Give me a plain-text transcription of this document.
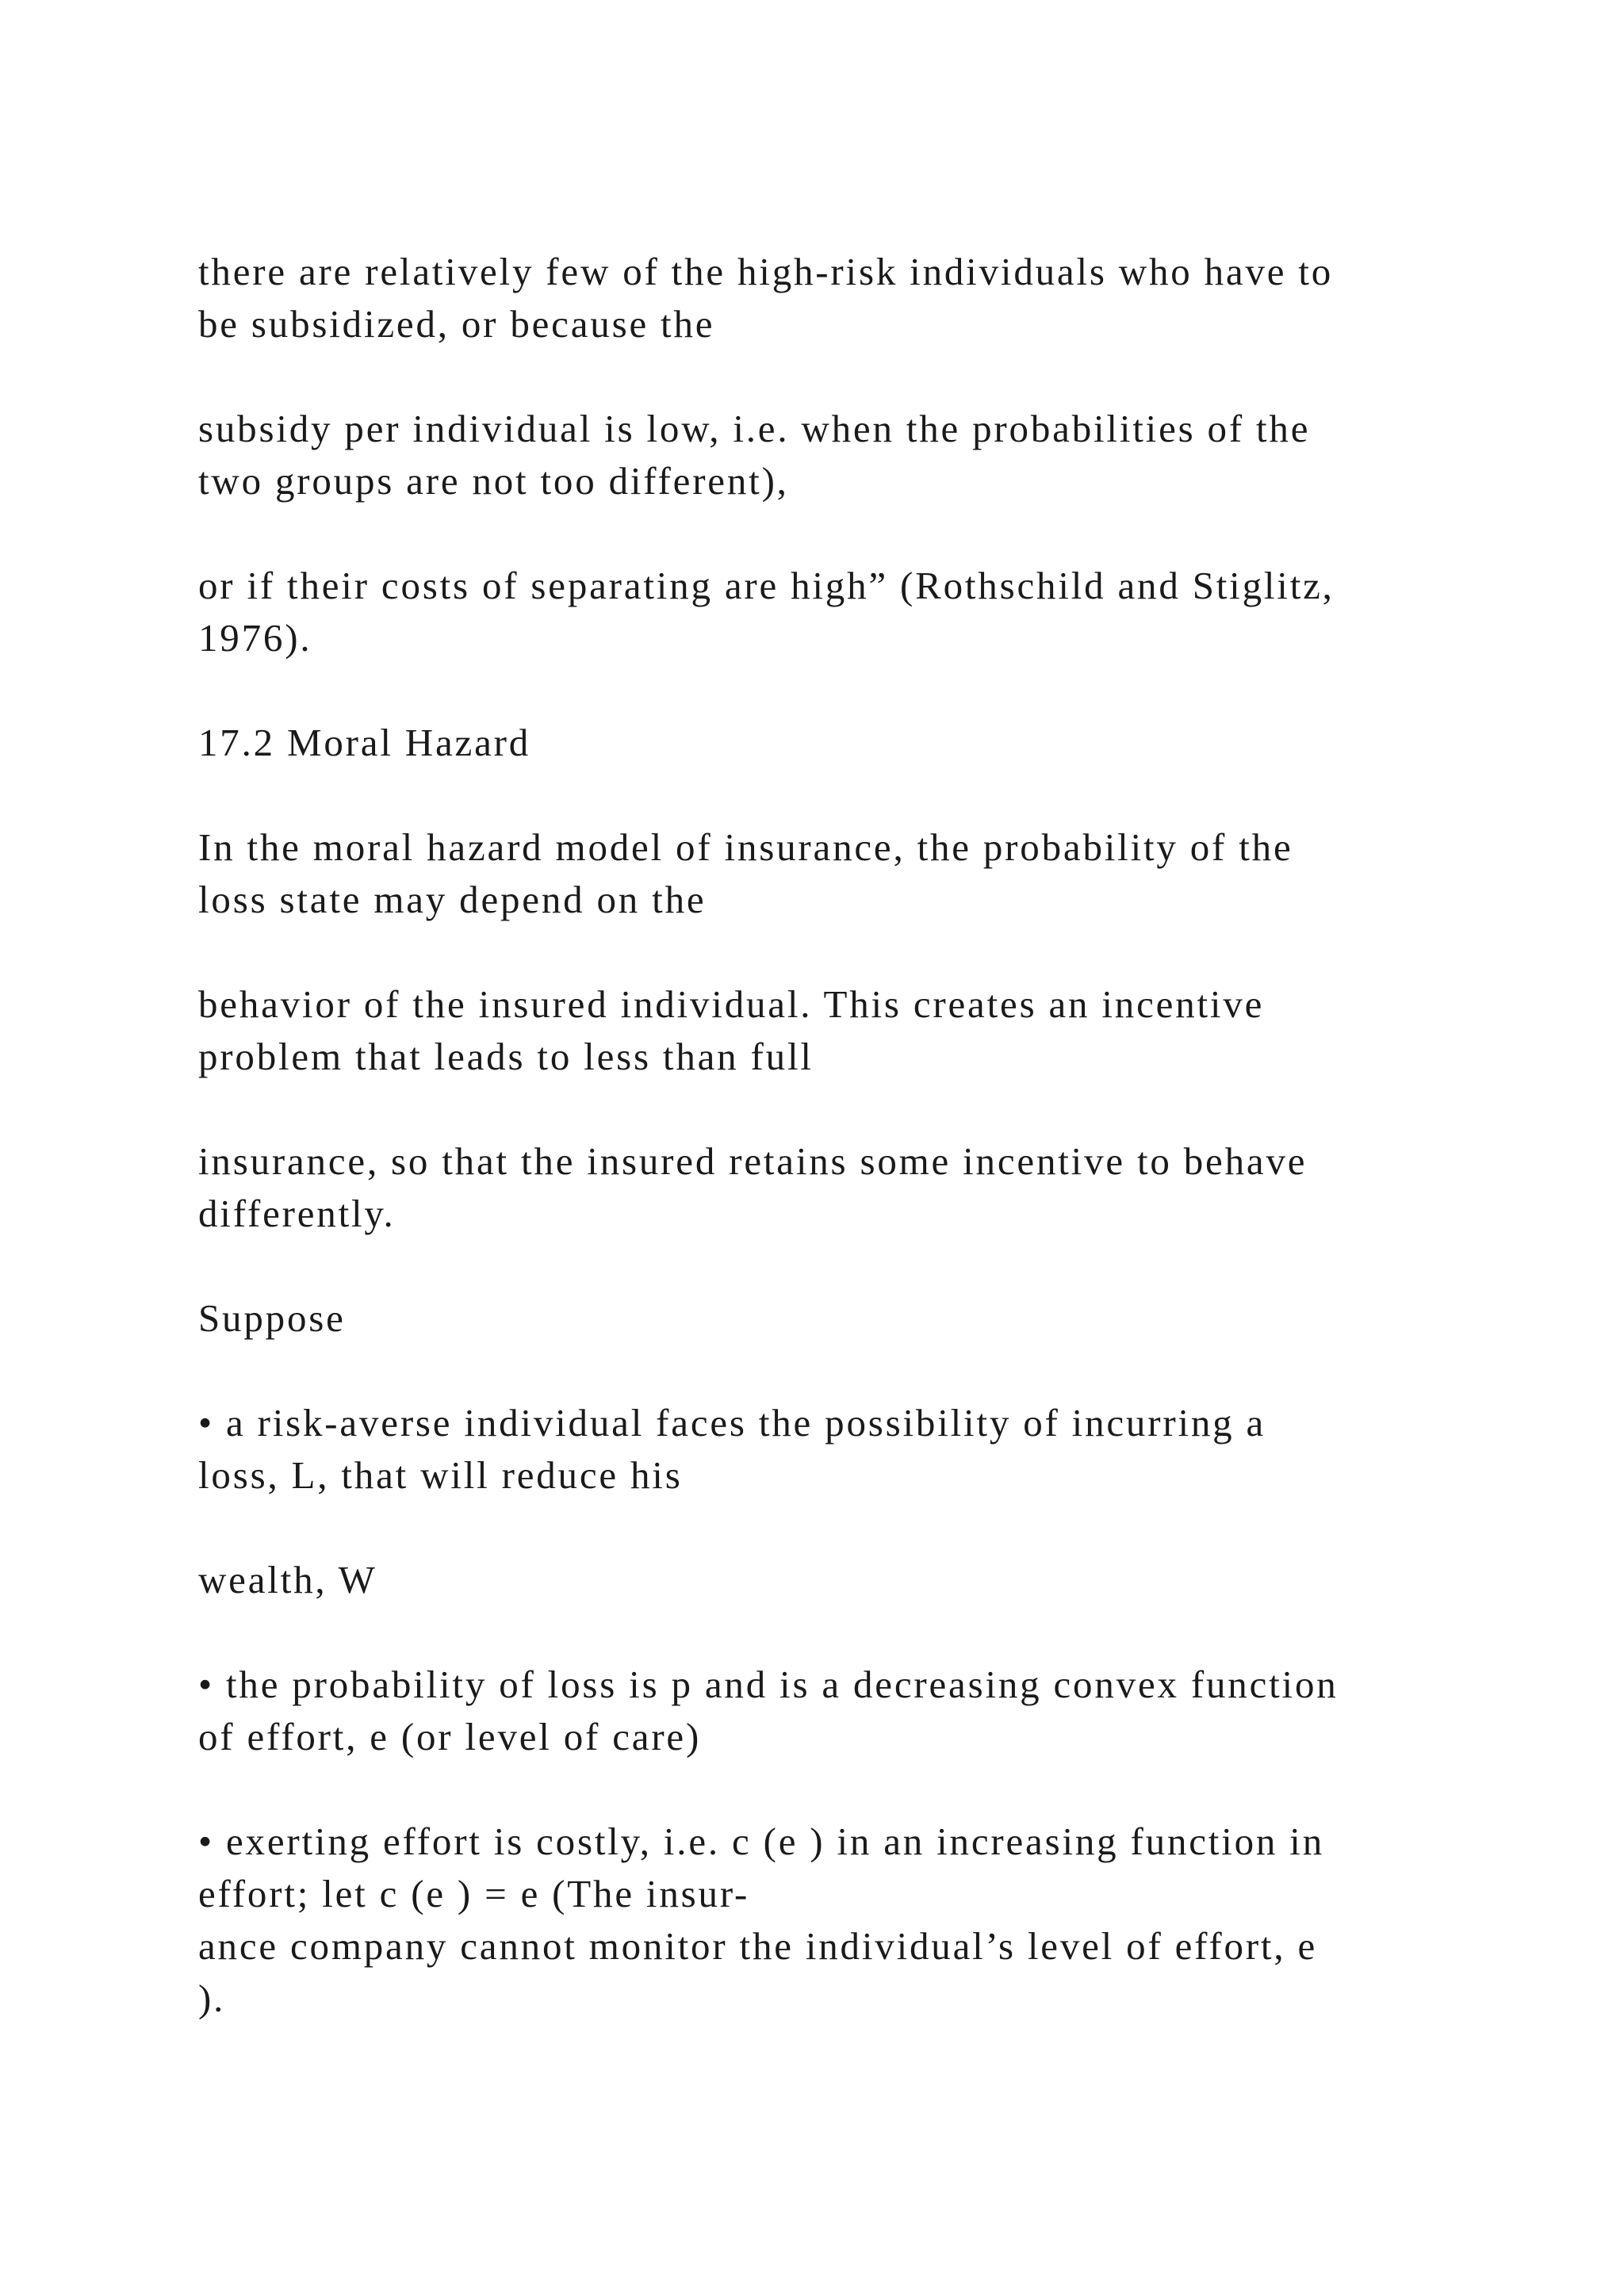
there are relatively few of the high-risk individuals who have to
be subsidized, or because the

subsidy per individual is low, i.e. when the probabilities of the
two groups are not too different),

or if their costs of separating are high” (Rothschild and Stiglitz,
1976).

17.2 Moral Hazard

In the moral hazard model of insurance, the probability of the
loss state may depend on the

behavior of the insured individual. This creates an incentive
problem that leads to less than full

insurance, so that the insured retains some incentive to behave
differently.

Suppose

• a risk-averse individual faces the possibility of incurring a
loss, L, that will reduce his

wealth, W

• the probability of loss is p and is a decreasing convex function
of effort, e (or level of care)

• exerting effort is costly, i.e. c (e ) in an increasing function in
effort; let c (e ) = e (The insur-
ance company cannot monitor the individual’s level of effort, e
).
